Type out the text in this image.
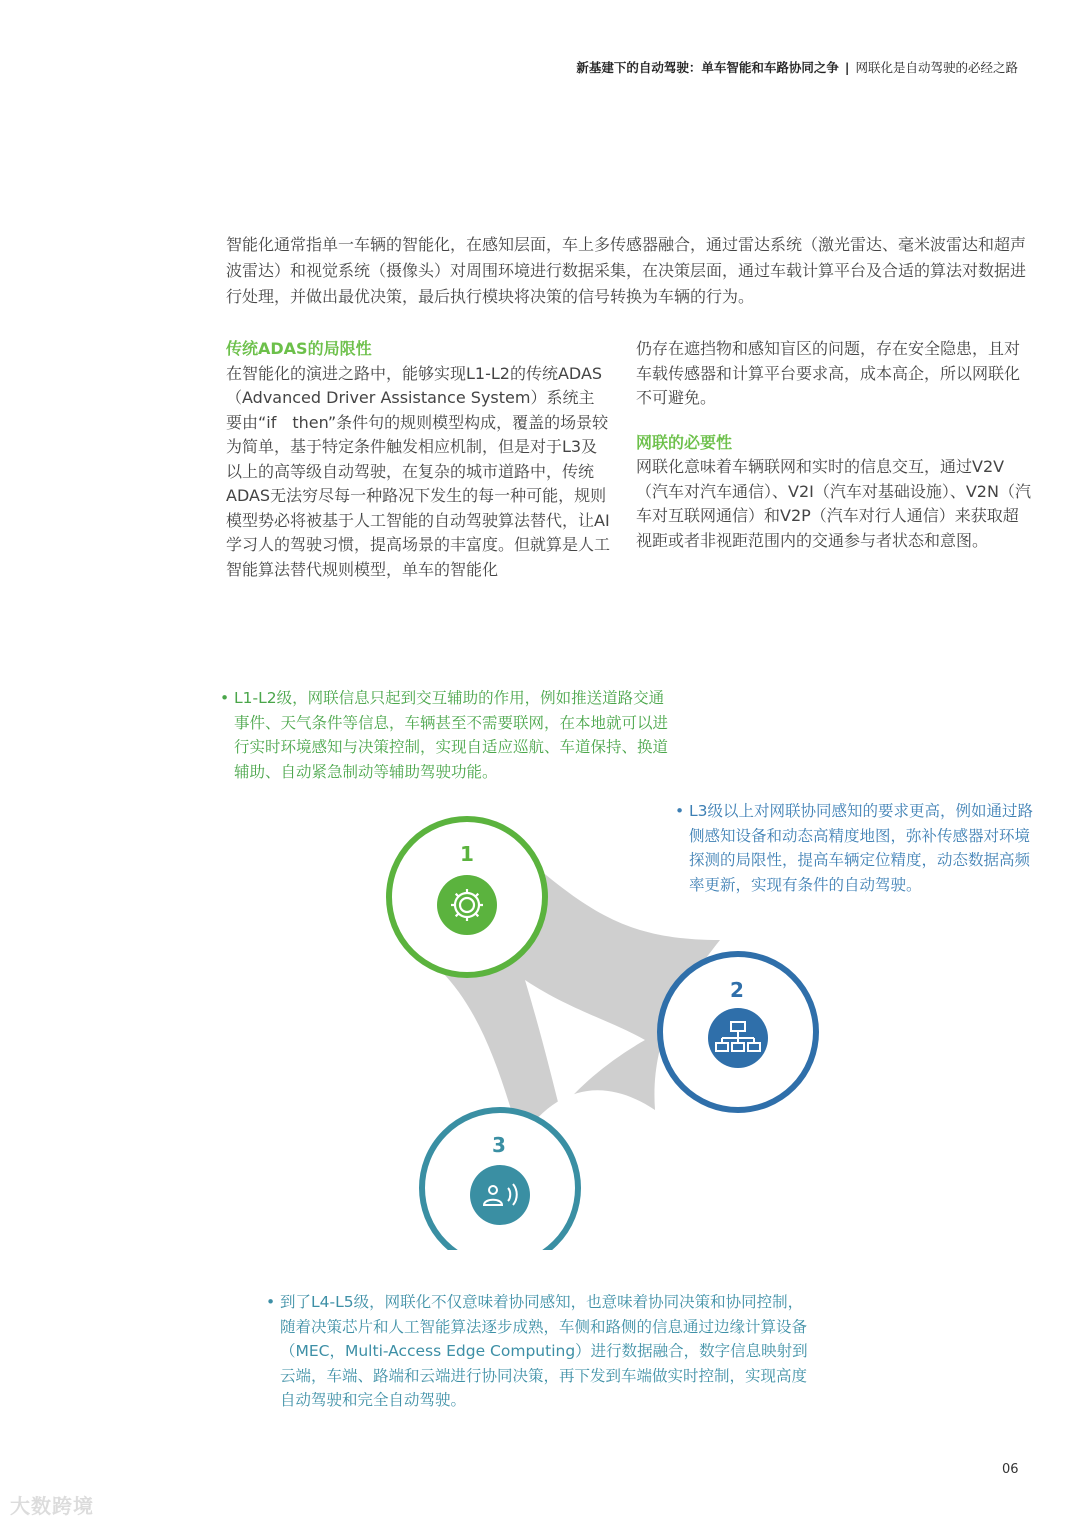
新基建下的自动驾驶：单车智能和车路协同之争 | 网联化是自动驾驶的必经之路
智能化通常指单一车辆的智能化，在感知层面，车上多传感器融合，通过雷达系统（激光雷达、毫米波雷达和超声波雷达）和视觉系统（摄像头）对周围环境进行数据采集，在决策层面，通过车载计算平台及合适的算法对数据进行处理，并做出最优决策，最后执行模块将决策的信号转换为车辆的行为。
传统ADAS的局限性
在智能化的演进之路中，能够实现L1-L2的传统ADAS（Advanced Driver Assistance System）系统主要由“if　then”条件句的规则模型构成，覆盖的场景较为简单，基于特定条件触发相应机制，但是对于L3及以上的高等级自动驾驶，在复杂的城市道路中，传统ADAS无法穷尽每一种路况下发生的每一种可能，规则模型势必将被基于人工智能的自动驾驶算法替代，让AI学习人的驾驶习惯，提高场景的丰富度。但就算是人工智能算法替代规则模型，单车的智能化
仍存在遮挡物和感知盲区的问题，存在安全隐患，且对车载传感器和计算平台要求高，成本高企，所以网联化不可避免。
网联的必要性
网联化意味着车辆联网和实时的信息交互，通过V2V（汽车对汽车通信）、V2I（汽车对基础设施）、V2N（汽车对互联网通信）和V2P（汽车对行人通信）来获取超视距或者非视距范围内的交通参与者状态和意图。
• L1-L2级，网联信息只起到交互辅助的作用，例如推送道路交通事件、天气条件等信息，车辆甚至不需要联网，在本地就可以进行实时环境感知与决策控制，实现自适应巡航、车道保持、换道辅助、自动紧急制动等辅助驾驶功能。
• L3级以上对网联协同感知的要求更高，例如通过路侧感知设备和动态高精度地图，弥补传感器对环境探测的局限性，提高车辆定位精度，动态数据高频率更新，实现有条件的自动驾驶。
1
2
3
• 到了L4-L5级，网联化不仅意味着协同感知，也意味着协同决策和协同控制，随着决策芯片和人工智能算法逐步成熟，车侧和路侧的信息通过边缘计算设备（MEC，Multi-Access Edge Computing）进行数据融合，数字信息映射到云端，车端、路端和云端进行协同决策，再下发到车端做实时控制，实现高度自动驾驶和完全自动驾驶。
06
大数跨境
